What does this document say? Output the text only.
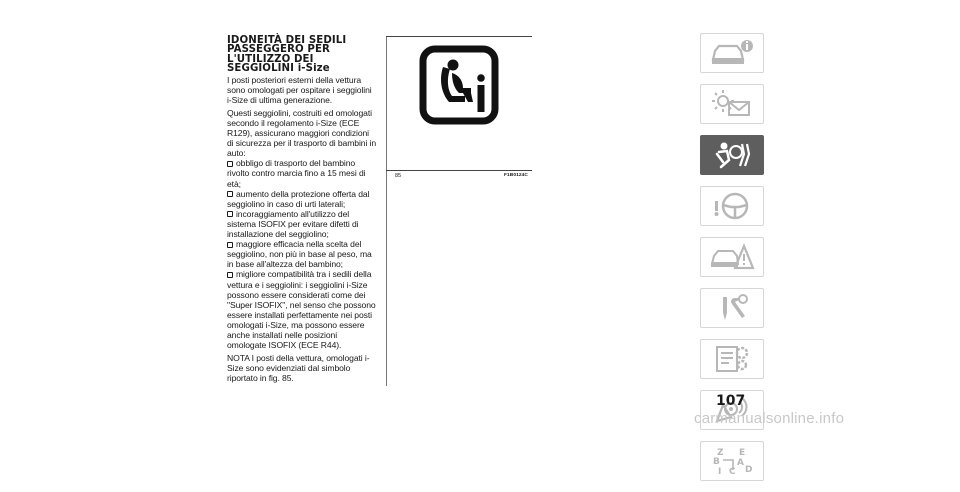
IDONEITÀ DEI SEDILI PASSEGGERO PER L'UTILIZZO DEI SEGGIOLINI i-Size

I posti posteriori esterni della vettura sono omologati per ospitare i seggiolini i-Size di ultima generazione.

Questi seggiolini, costruiti ed omologati secondo il regolamento i-Size (ECE R129), assicurano maggiori condizioni di sicurezza per il trasporto di bambini in auto:

obbligo di trasporto del bambino rivolto contro marcia fino a 15 mesi di età;
aumento della protezione offerta dal seggiolino in caso di urti laterali;
incoraggiamento all'utilizzo del sistema ISOFIX per evitare difetti di installazione del seggiolino;
maggiore efficacia nella scelta del seggiolino, non più in base al peso, ma in base all'altezza del bambino;
migliore compatibilità tra i sedili della vettura e i seggiolini: i seggiolini i-Size possono essere considerati come dei "Super ISOFIX", nel senso che possono essere installati perfettamente nei posti omologati i-Size, ma possono essere anche installati nelle posizioni omologate ISOFIX (ECE R44).

NOTA I posti della vettura, omologati i-Size sono evidenziati dal simbolo riportato in fig. 85.

85	F1B0124C
Z E
B A
I C D
107
carmanualsonline.info
